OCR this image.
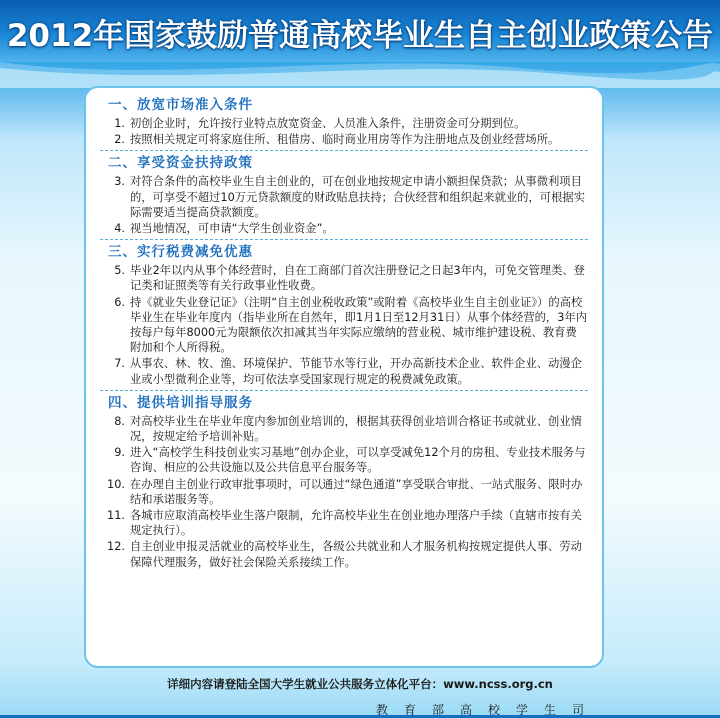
2012年国家鼓励普通高校毕业生自主创业政策公告
一、放宽市场准入条件
1. 初创企业时，允许按行业特点放宽资金、人员准入条件，注册资金可分期到位。
2. 按照相关规定可将家庭住所、租借房、临时商业用房等作为注册地点及创业经营场所。
二、享受资金扶持政策
3. 对符合条件的高校毕业生自主创业的，可在创业地按规定申请小额担保贷款；从事微利项目的，可享受不超过10万元贷款额度的财政贴息扶持；合伙经营和组织起来就业的，可根据实际需要适当提高贷款额度。
4. 视当地情况，可申请“大学生创业资金”。
三、实行税费减免优惠
5. 毕业2年以内从事个体经营时，自在工商部门首次注册登记之日起3年内，可免交管理类、登记类和证照类等有关行政事业性收费。
6. 持《就业失业登记证》（注明“自主创业税收政策”或附着《高校毕业生自主创业证》）的高校毕业生在毕业年度内（指毕业所在自然年，即1月1日至12月31日）从事个体经营的，3年内按每户每年8000元为限额依次扣减其当年实际应缴纳的营业税、城市维护建设税、教育费附加和个人所得税。
7. 从事农、林、牧、渔、环境保护、节能节水等行业，开办高新技术企业、软件企业、动漫企业或小型微利企业等，均可依法享受国家现行规定的税费减免政策。
四、提供培训指导服务
8. 对高校毕业生在毕业年度内参加创业培训的，根据其获得创业培训合格证书或就业、创业情况，按规定给予培训补贴。
9. 进入“高校学生科技创业实习基地”创办企业，可以享受减免12个月的房租、专业技术服务与咨询、相应的公共设施以及公共信息平台服务等。
10. 在办理自主创业行政审批事项时，可以通过“绿色通道”享受联合审批、一站式服务、限时办结和承诺服务等。
11. 各城市应取消高校毕业生落户限制，允许高校毕业生在创业地办理落户手续（直辖市按有关规定执行）。
12. 自主创业申报灵活就业的高校毕业生，各级公共就业和人才服务机构按规定提供人事、劳动保障代理服务，做好社会保险关系接续工作。
详细内容请登陆全国大学生就业公共服务立体化平台：www.ncss.org.cn
教育部高校学生司
